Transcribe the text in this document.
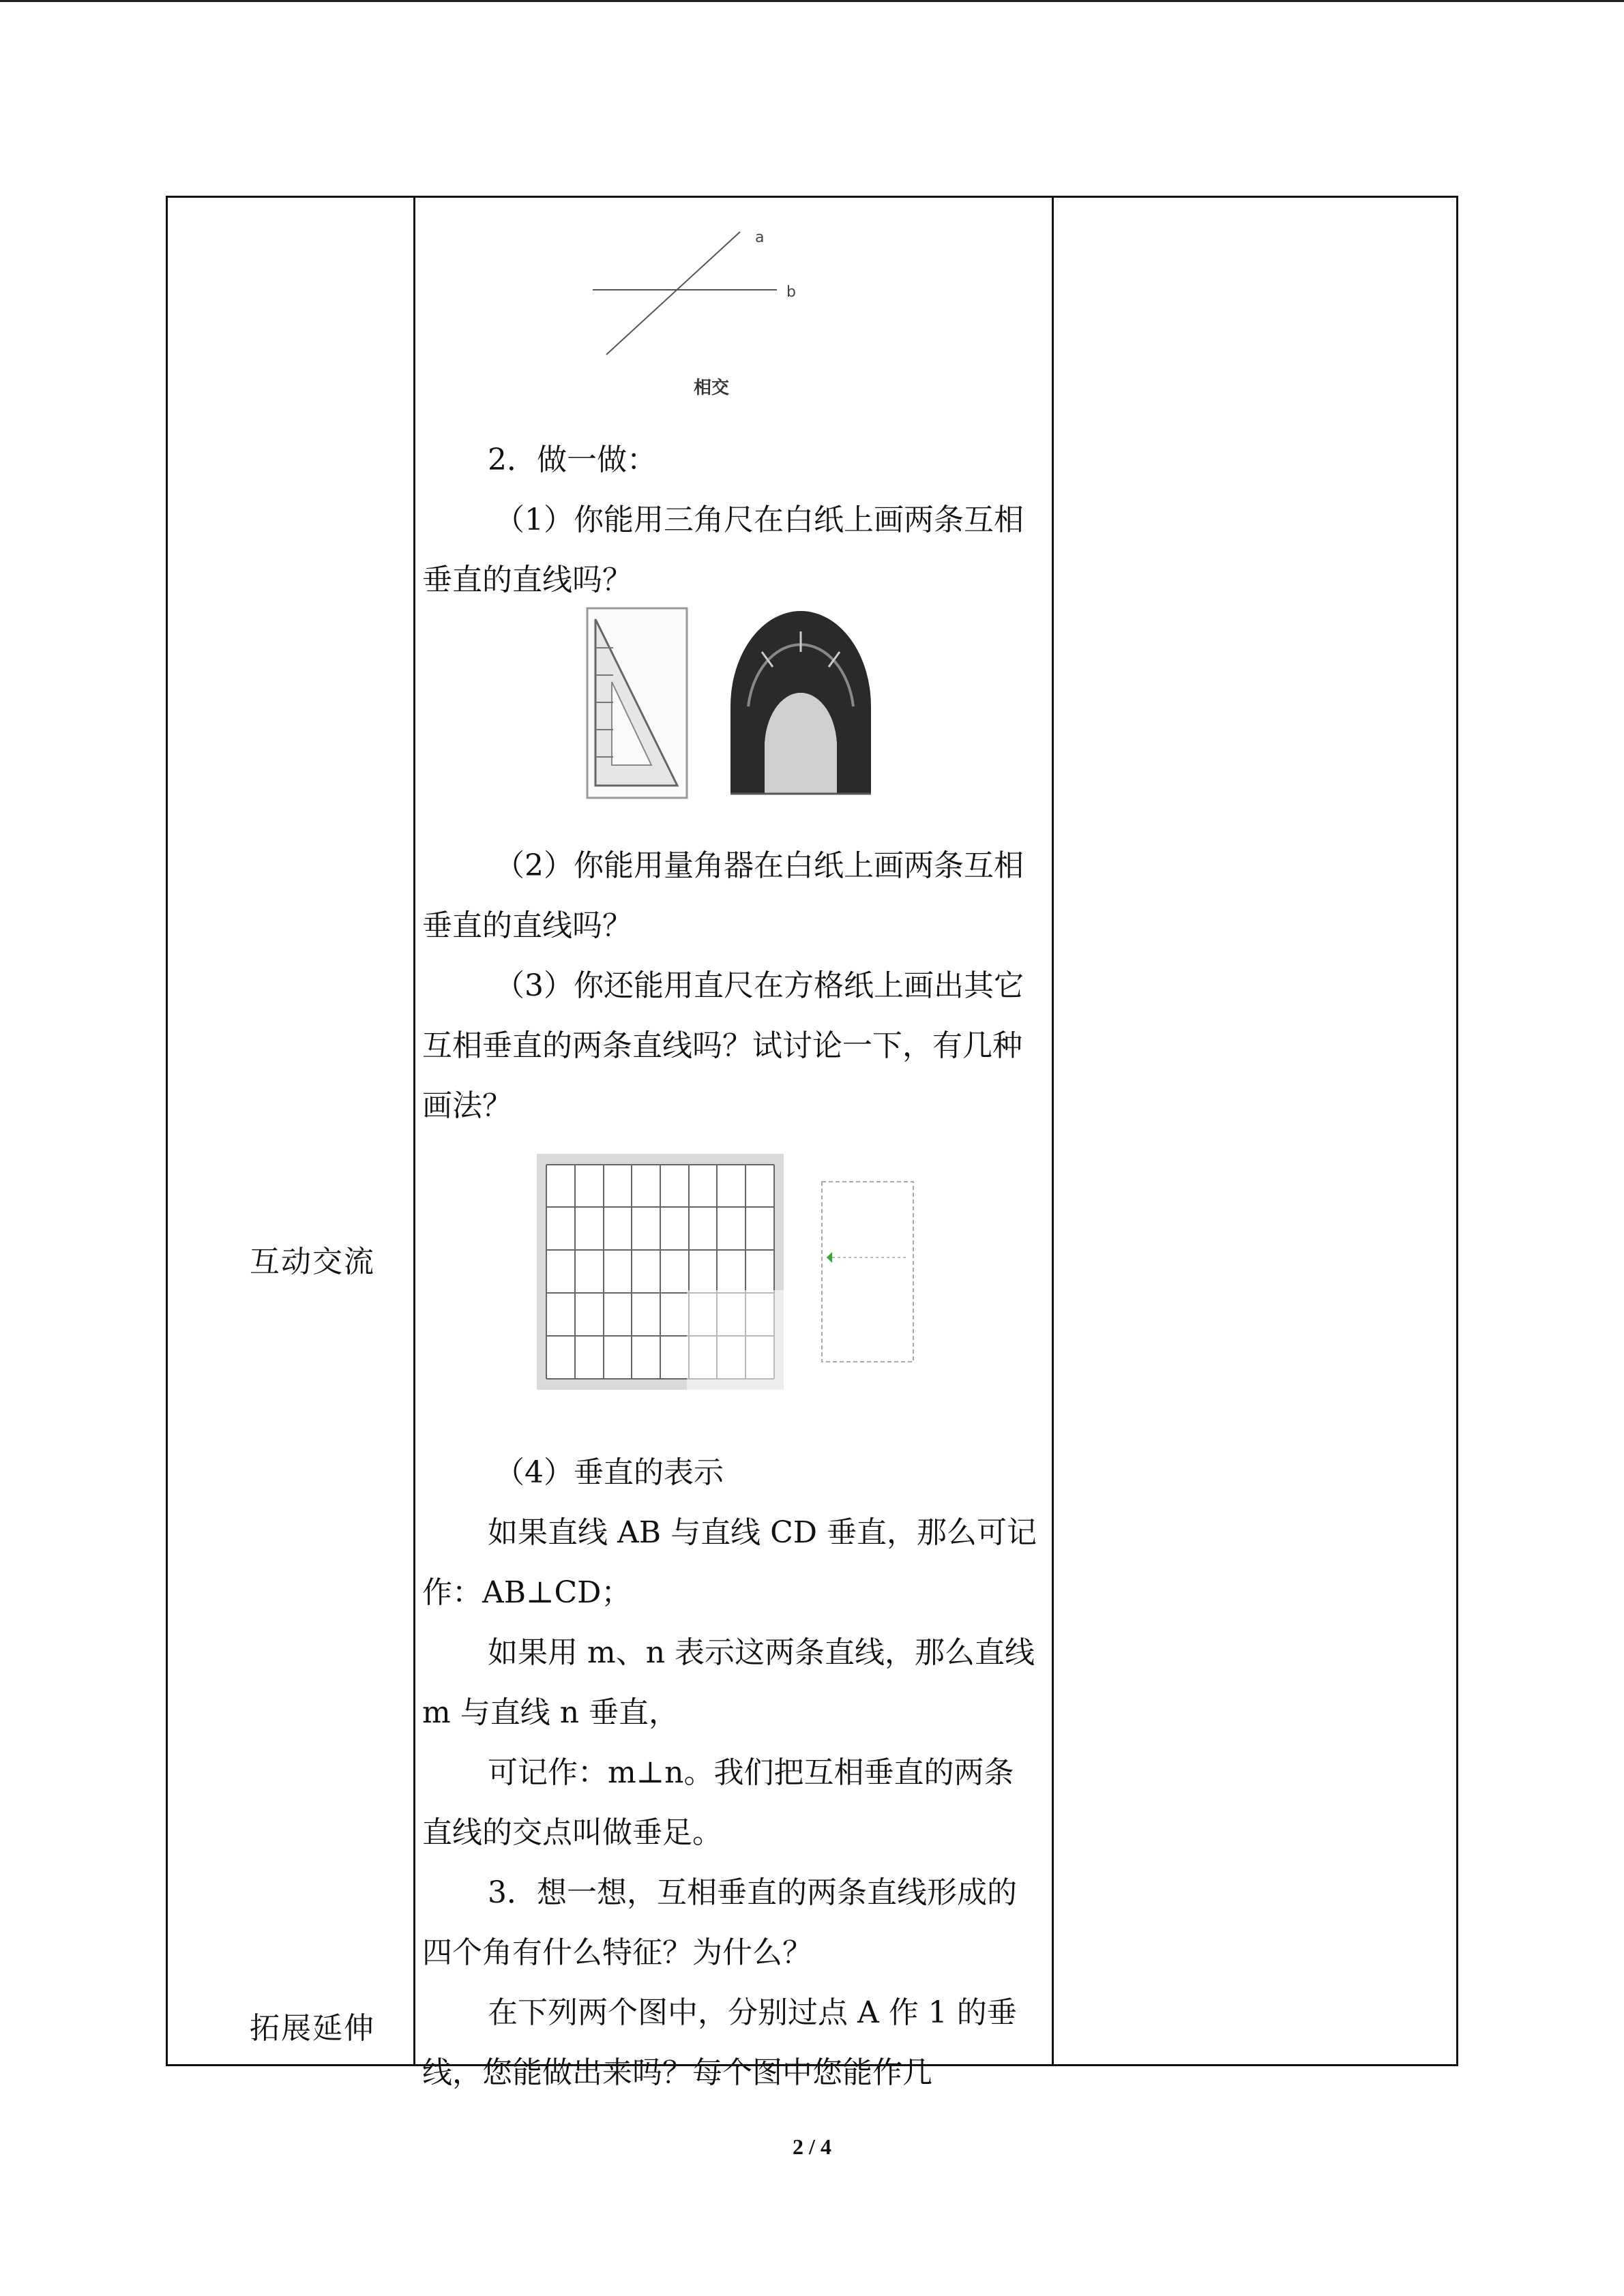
互动交流
拓展延伸
a
b
相交

2．做一做：

（1）你能用三角尺在白纸上画两条互相垂直的直线吗？

（2）你能用量角器在白纸上画两条互相垂直的直线吗？

（3）你还能用直尺在方格纸上画出其它互相垂直的两条直线吗？试讨论一下，有几种画法？

（4）垂直的表示

如果直线 AB 与直线 CD 垂直，那么可记作：AB⊥CD；

如果用 m、n 表示这两条直线，那么直线 m 与直线 n 垂直，

可记作：m⊥n。我们把互相垂直的两条直线的交点叫做垂足。

3．想一想，互相垂直的两条直线形成的四个角有什么特征？为什么？

在下列两个图中，分别过点 A 作 1 的垂线，您能做出来吗？每个图中您能作几

2 / 4
